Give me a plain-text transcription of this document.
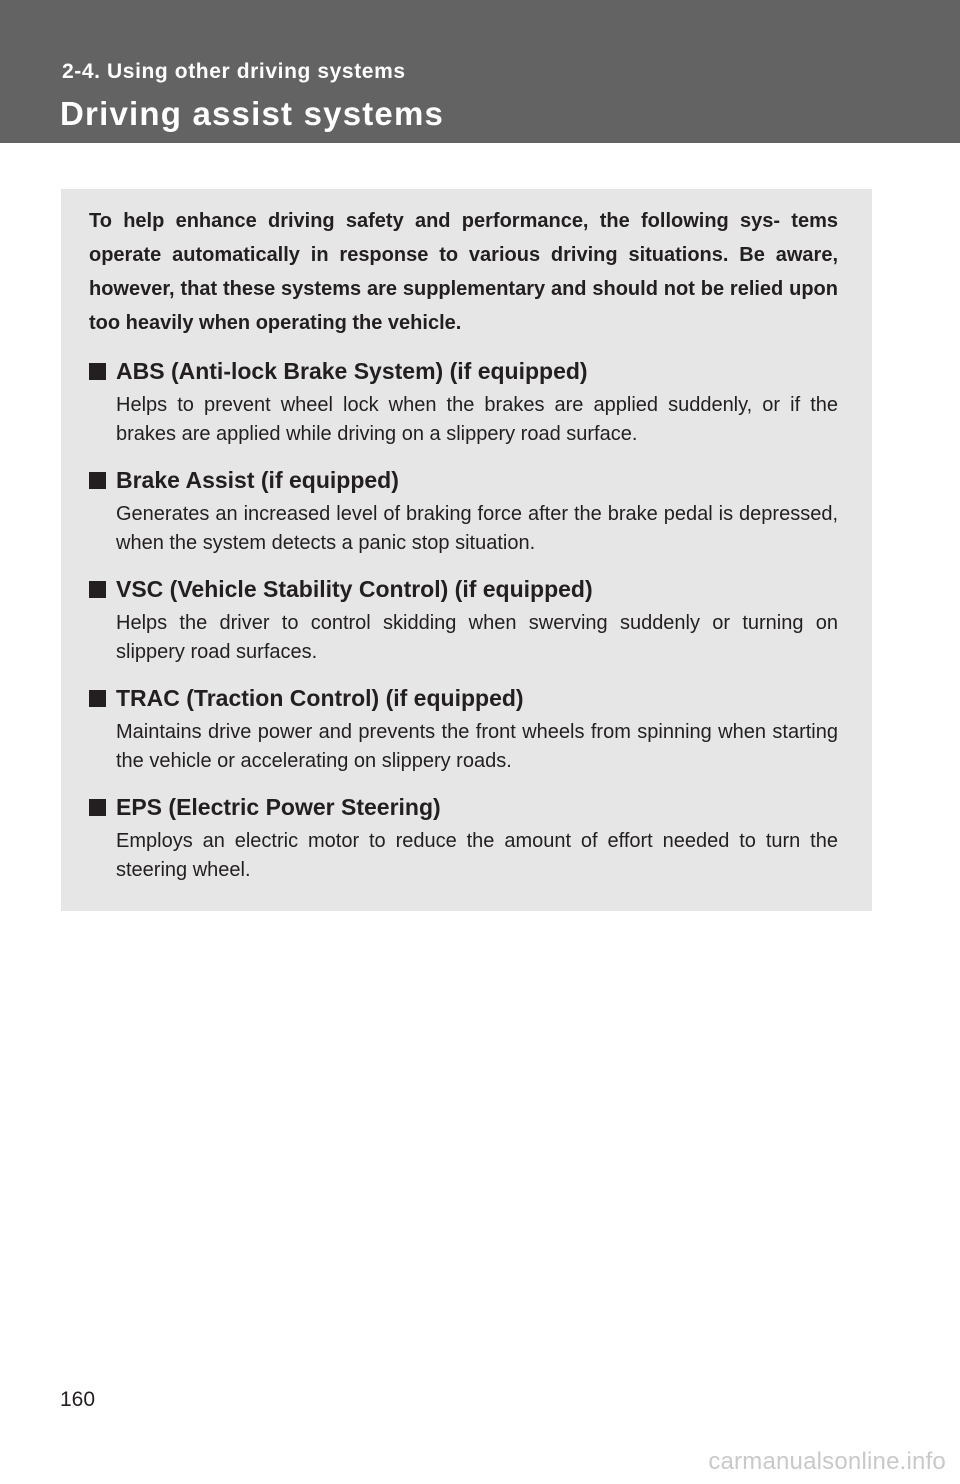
2-4. Using other driving systems
Driving assist systems

To help enhance driving safety and performance, the following sys- tems operate automatically in response to various driving situations. Be aware, however, that these systems are supplementary and should not be relied upon too heavily when operating the vehicle.

ABS (Anti-lock Brake System) (if equipped)

Helps to prevent wheel lock when the brakes are applied suddenly, or if the brakes are applied while driving on a slippery road surface.

Brake Assist (if equipped)

Generates an increased level of braking force after the brake pedal is depressed, when the system detects a panic stop situation.

VSC (Vehicle Stability Control) (if equipped)

Helps the driver to control skidding when swerving suddenly or turning on slippery road surfaces.

TRAC (Traction Control) (if equipped)

Maintains drive power and prevents the front wheels from spinning when starting the vehicle or accelerating on slippery roads.

EPS (Electric Power Steering)

Employs an electric motor to reduce the amount of effort needed to turn the steering wheel.

160
carmanualsonline.info
